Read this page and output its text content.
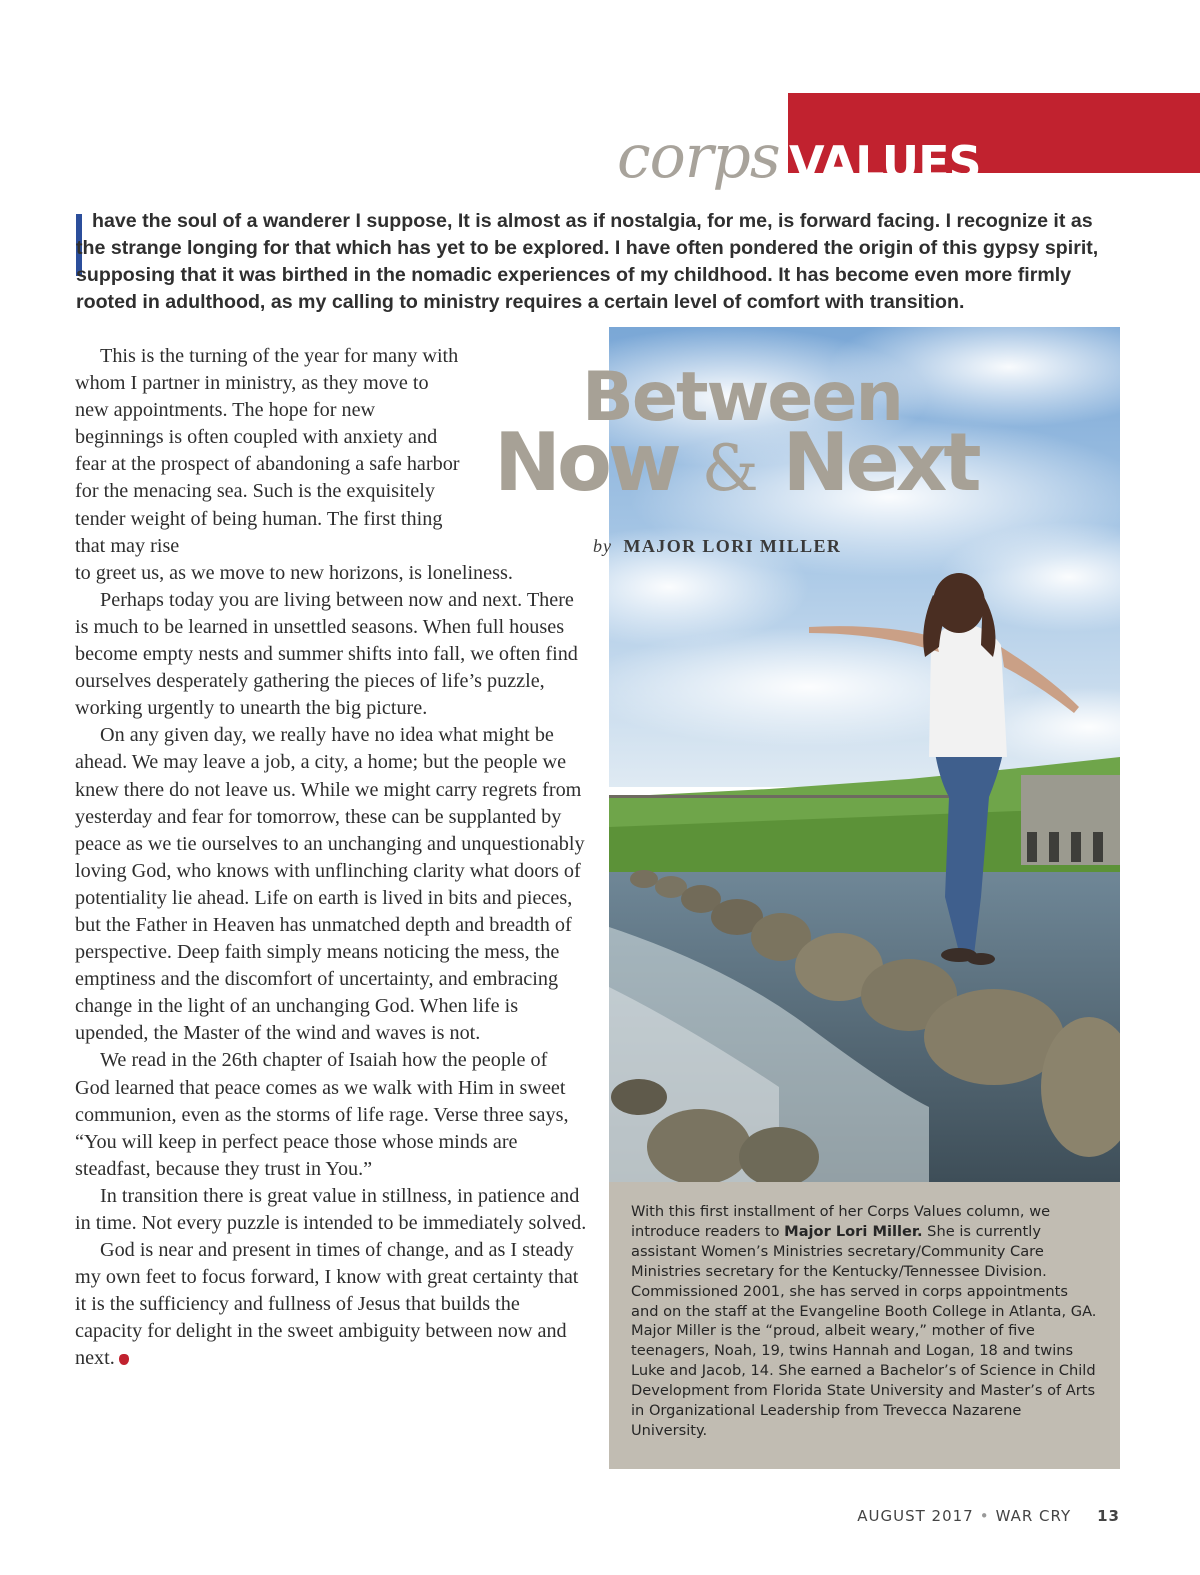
corps VALUES

have the soul of a wanderer I suppose, It is almost as if nostalgia, for me, is forward facing. I recognize it as the strange longing for that which has yet to be explored. I have often pondered the origin of this gypsy spirit, supposing that it was birthed in the nomadic experiences of my childhood. It has become even more firmly rooted in adulthood, as my calling to ministry requires a certain level of comfort with transition.

Between
Now & Next
by MAJOR LORI MILLER

This is the turning of the year for many with whom I partner in ministry, as they move to new appointments. The hope for new beginnings is often coupled with anxiety and fear at the prospect of abandoning a safe harbor for the menacing sea. Such is the exquisitely tender weight of being human. The first thing that may rise

to greet us, as we move to new horizons, is loneliness.

Perhaps today you are living between now and next. There is much to be learned in unsettled seasons. When full houses become empty nests and summer shifts into fall, we often find ourselves desperately gathering the pieces of life’s puzzle, working urgently to unearth the big picture.

On any given day, we really have no idea what might be ahead. We may leave a job, a city, a home; but the people we knew there do not leave us. While we might carry regrets from yesterday and fear for tomorrow, these can be supplanted by peace as we tie ourselves to an unchanging and unquestionably loving God, who knows with unflinching clarity what doors of potentiality lie ahead. Life on earth is lived in bits and pieces, but the Father in Heaven has unmatched depth and breadth of perspective. Deep faith simply means noticing the mess, the emptiness and the discomfort of uncertainty, and embracing change in the light of an unchanging God. When life is upended, the Master of the wind and waves is not.

We read in the 26th chapter of Isaiah how the people of God learned that peace comes as we walk with Him in sweet communion, even as the storms of life rage. Verse three says, “You will keep in perfect peace those whose minds are steadfast, because they trust in You.”

In transition there is great value in stillness, in patience and in time. Not every puzzle is intended to be immediately solved.

God is near and present in times of change, and as I steady my own feet to focus forward, I know with great certainty that it is the sufficiency and fullness of Jesus that builds the capacity for delight in the sweet ambiguity between now and next.

With this first installment of her Corps Values column, we introduce readers to Major Lori Miller. She is currently assistant Women’s Ministries secretary/Community Care Ministries secretary for the Kentucky/Tennessee Division. Commissioned 2001, she has served in corps appointments and on the staff at the Evangeline Booth College in Atlanta, GA. Major Miller is the “proud, albeit weary,” mother of five teenagers, Noah, 19, twins Hannah and Logan, 18 and twins Luke and Jacob, 14. She earned a Bachelor’s of Science in Child Development from Florida State University and Master’s of Arts in Organizational Leadership from Trevecca Nazarene University.
AUGUST 2017 • WAR CRY 13
